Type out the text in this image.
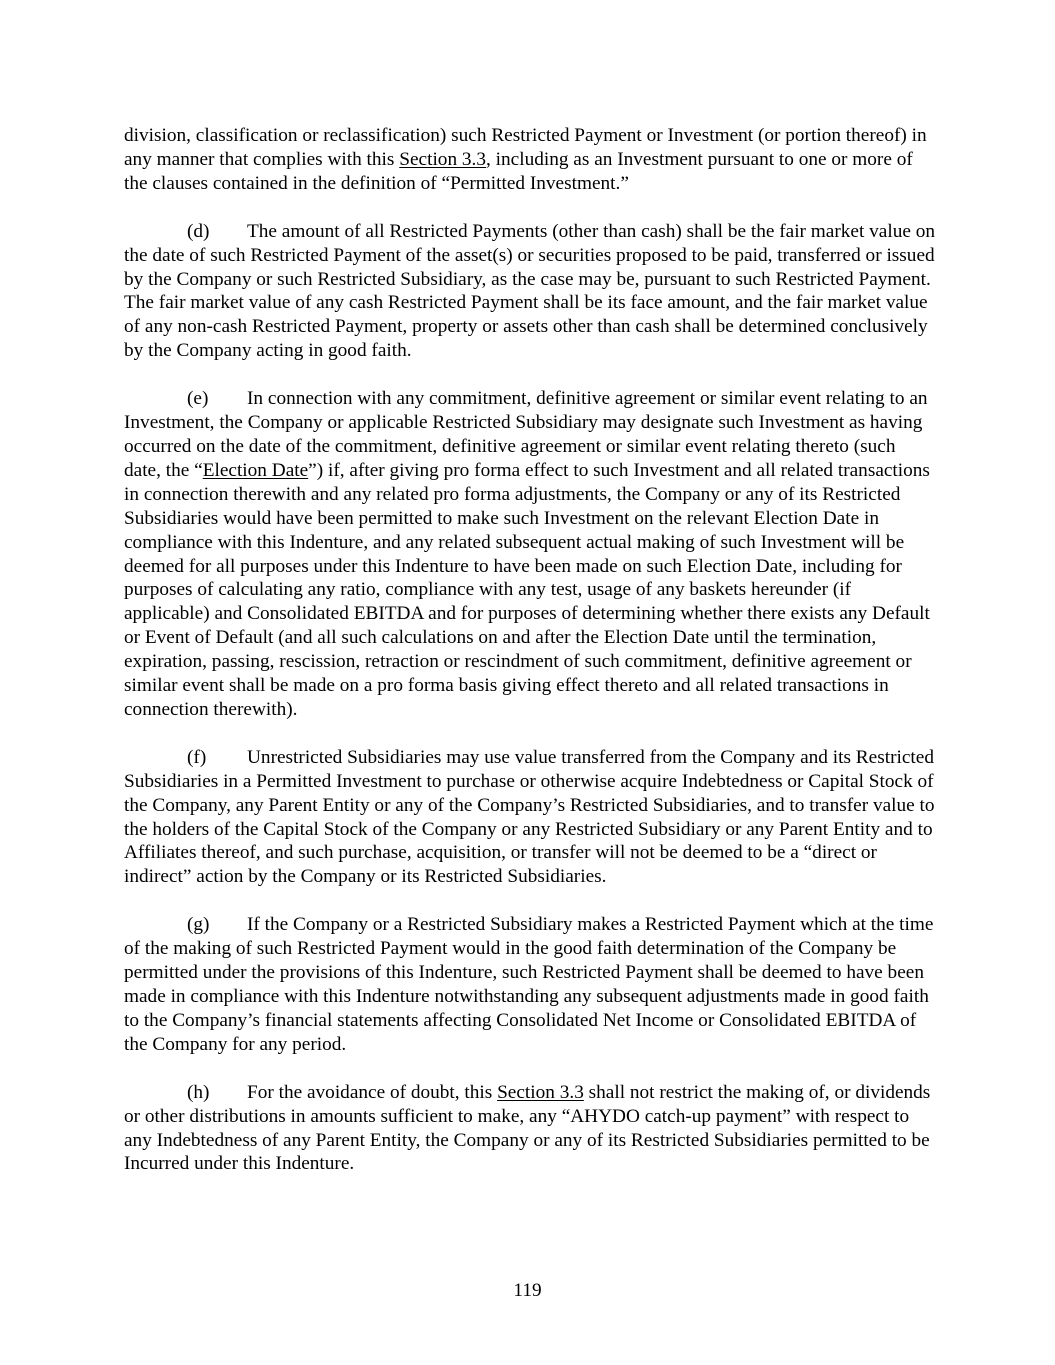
division, classification or reclassification) such Restricted Payment or Investment (or portion thereof) in any manner that complies with this Section 3.3, including as an Investment pursuant to one or more of the clauses contained in the definition of “Permitted Investment.”

(d) The amount of all Restricted Payments (other than cash) shall be the fair market value on the date of such Restricted Payment of the asset(s) or securities proposed to be paid, transferred or issued by the Company or such Restricted Subsidiary, as the case may be, pursuant to such Restricted Payment. The fair market value of any cash Restricted Payment shall be its face amount, and the fair market value of any non-cash Restricted Payment, property or assets other than cash shall be determined conclusively by the Company acting in good faith.

(e) In connection with any commitment, definitive agreement or similar event relating to an Investment, the Company or applicable Restricted Subsidiary may designate such Investment as having occurred on the date of the commitment, definitive agreement or similar event relating thereto (such date, the “Election Date”) if, after giving pro forma effect to such Investment and all related transactions in connection therewith and any related pro forma adjustments, the Company or any of its Restricted Subsidiaries would have been permitted to make such Investment on the relevant Election Date in compliance with this Indenture, and any related subsequent actual making of such Investment will be deemed for all purposes under this Indenture to have been made on such Election Date, including for purposes of calculating any ratio, compliance with any test, usage of any baskets hereunder (if applicable) and Consolidated EBITDA and for purposes of determining whether there exists any Default or Event of Default (and all such calculations on and after the Election Date until the termination, expiration, passing, rescission, retraction or rescindment of such commitment, definitive agreement or similar event shall be made on a pro forma basis giving effect thereto and all related transactions in connection therewith).

(f) Unrestricted Subsidiaries may use value transferred from the Company and its Restricted Subsidiaries in a Permitted Investment to purchase or otherwise acquire Indebtedness or Capital Stock of the Company, any Parent Entity or any of the Company’s Restricted Subsidiaries, and to transfer value to the holders of the Capital Stock of the Company or any Restricted Subsidiary or any Parent Entity and to Affiliates thereof, and such purchase, acquisition, or transfer will not be deemed to be a “direct or indirect” action by the Company or its Restricted Subsidiaries.

(g) If the Company or a Restricted Subsidiary makes a Restricted Payment which at the time of the making of such Restricted Payment would in the good faith determination of the Company be permitted under the provisions of this Indenture, such Restricted Payment shall be deemed to have been made in compliance with this Indenture notwithstanding any subsequent adjustments made in good faith to the Company’s financial statements affecting Consolidated Net Income or Consolidated EBITDA of the Company for any period.

(h) For the avoidance of doubt, this Section 3.3 shall not restrict the making of, or dividends or other distributions in amounts sufficient to make, any “AHYDO catch-up payment” with respect to any Indebtedness of any Parent Entity, the Company or any of its Restricted Subsidiaries permitted to be Incurred under this Indenture.

119
